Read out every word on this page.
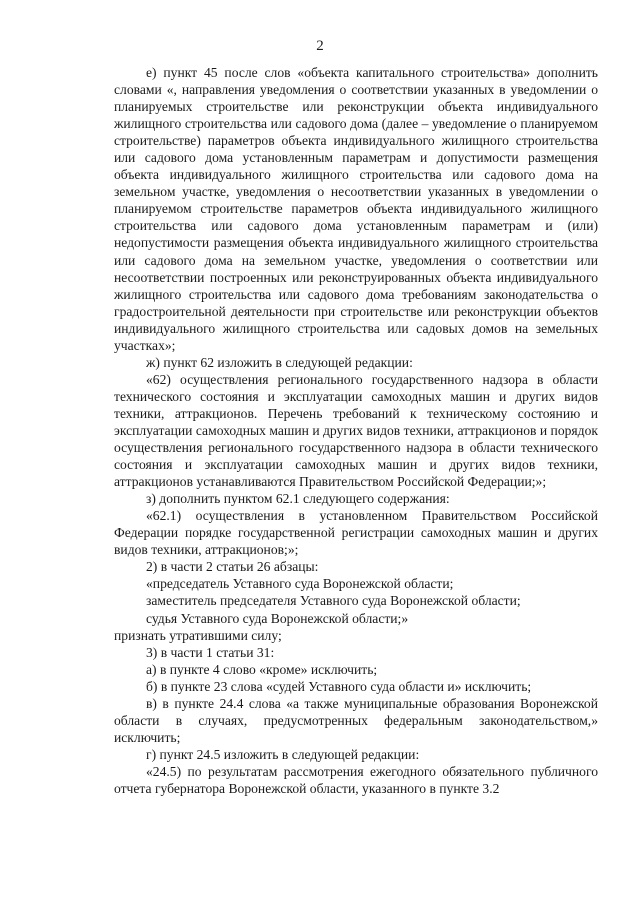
2

е) пункт 45 после слов «объекта капитального строительства» дополнить словами «, направления уведомления о соответствии указанных в уведомлении о планируемых строительстве или реконструкции объекта индивидуального жилищного строительства или садового дома (далее – уведомление о планируемом строительстве) параметров объекта индивидуального жилищного строительства или садового дома установленным параметрам и допустимости размещения объекта индивидуального жилищного строительства или садового дома на земельном участке, уведомления о несоответствии указанных в уведомлении о планируемом строительстве параметров объекта индивидуального жилищного строительства или садового дома установленным параметрам и (или) недопустимости размещения объекта индивидуального жилищного строительства или садового дома на земельном участке, уведомления о соответствии или несоответствии построенных или реконструированных объекта индивидуального жилищного строительства или садового дома требованиям законодательства о градостроительной деятельности при строительстве или реконструкции объектов индивидуального жилищного строительства или садовых домов на земельных участках»;

ж) пункт 62 изложить в следующей редакции:

«62) осуществления регионального государственного надзора в области технического состояния и эксплуатации самоходных машин и других видов техники, аттракционов. Перечень требований к техническому состоянию и эксплуатации самоходных машин и других видов техники, аттракционов и порядок осуществления регионального государственного надзора в области технического состояния и эксплуатации самоходных машин и других видов техники, аттракционов устанавливаются Правительством Российской Федерации;»;

з) дополнить пунктом 62.1 следующего содержания:

«62.1) осуществления в установленном Правительством Российской Федерации порядке государственной регистрации самоходных машин и других видов техники, аттракционов;»;

2) в части 2 статьи 26 абзацы:

«председатель Уставного суда Воронежской области;

заместитель председателя Уставного суда Воронежской области;

судья Уставного суда Воронежской области;»

признать утратившими силу;

3) в части 1 статьи 31:

а) в пункте 4 слово «кроме» исключить;

б) в пункте 23 слова «судей Уставного суда области и» исключить;

в) в пункте 24.4 слова «а также муниципальные образования Воронежской области в случаях, предусмотренных федеральным законодательством,» исключить;

г) пункт 24.5 изложить в следующей редакции:

«24.5) по результатам рассмотрения ежегодного обязательного публичного отчета губернатора Воронежской области, указанного в пункте 3.2
